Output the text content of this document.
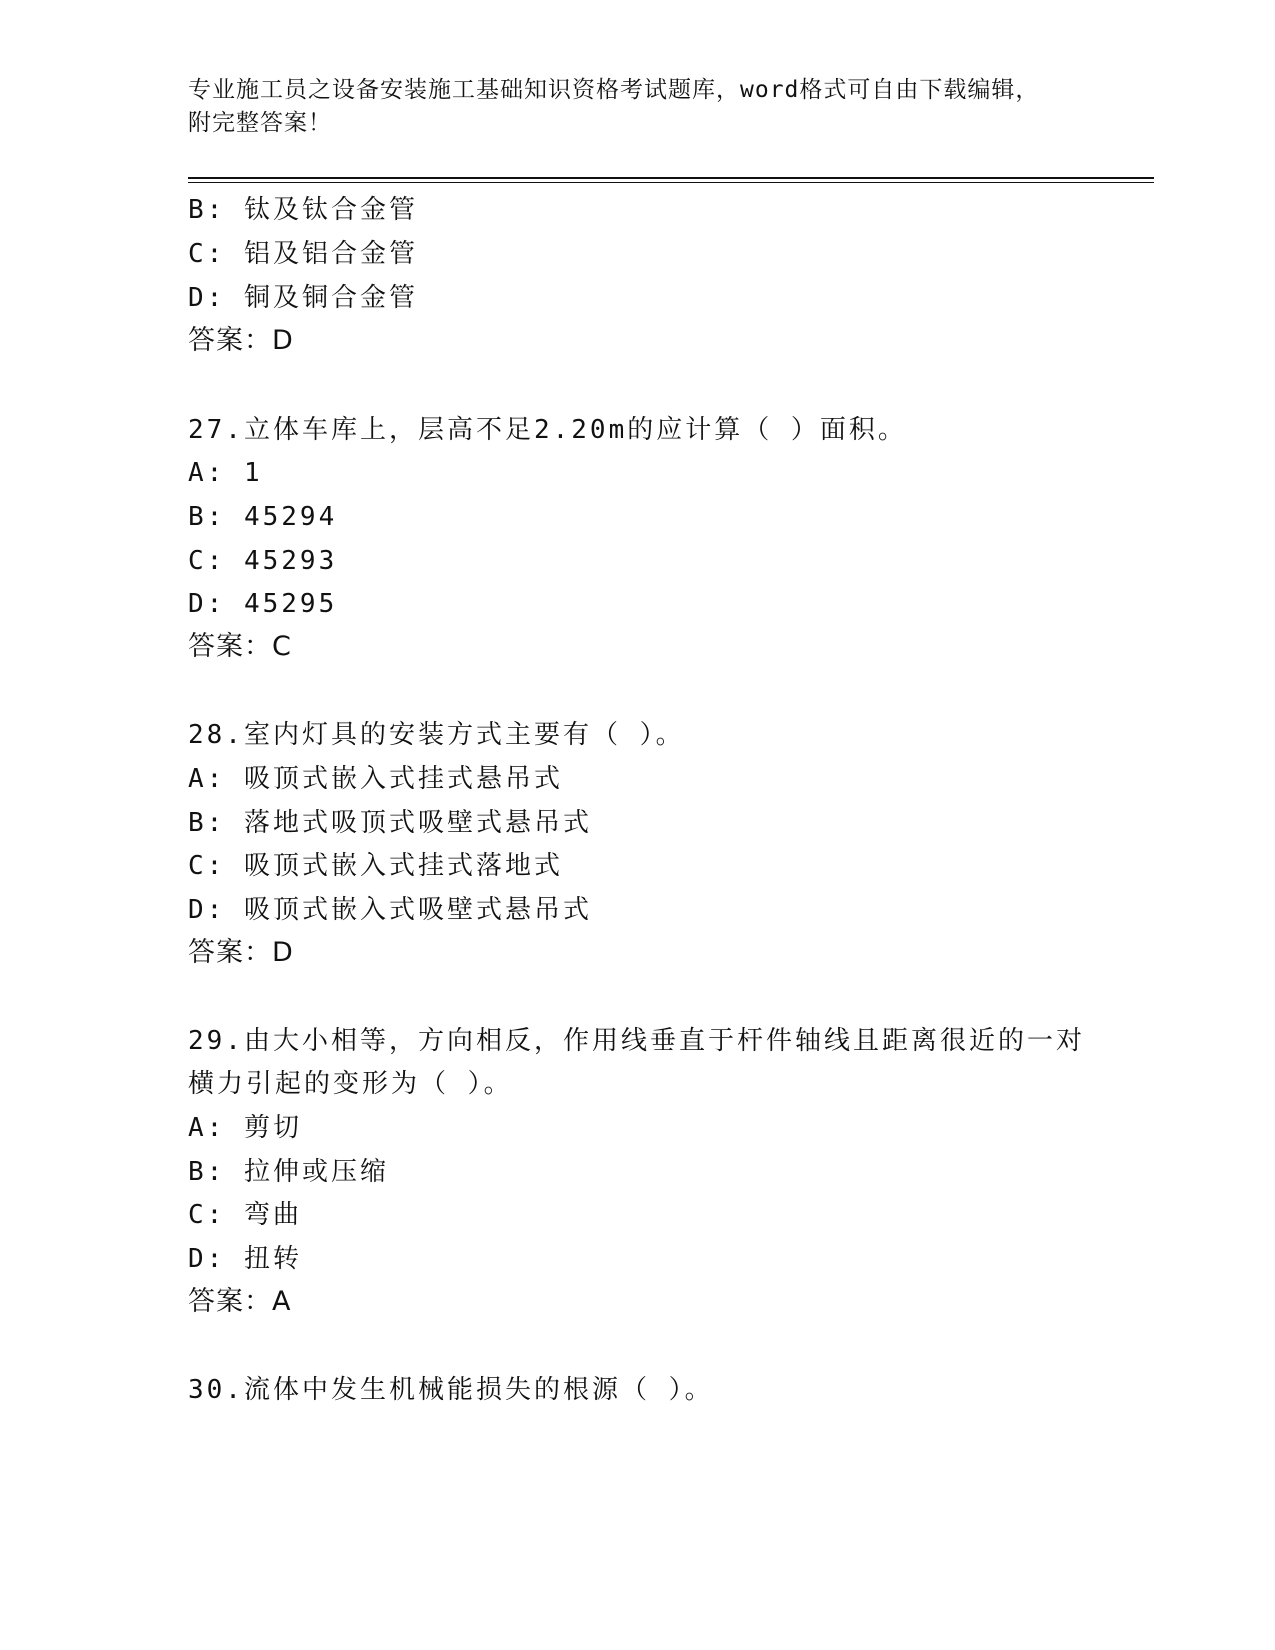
专业施工员之设备安装施工基础知识资格考试题库，word格式可自由下载编辑，
附完整答案！
B: 钛及钛合金管
C: 铝及铝合金管
D: 铜及铜合金管
答案：D
27.立体车库上，层高不足2.20m的应计算（ ）面积。
A: 1
B: 45294
C: 45293
D: 45295
答案：C
28.室内灯具的安装方式主要有（ ）。
A: 吸顶式嵌入式挂式悬吊式
B: 落地式吸顶式吸壁式悬吊式
C: 吸顶式嵌入式挂式落地式
D: 吸顶式嵌入式吸壁式悬吊式
答案：D
29.由大小相等，方向相反，作用线垂直于杆件轴线且距离很近的一对
横力引起的变形为（ ）。
A: 剪切
B: 拉伸或压缩
C: 弯曲
D: 扭转
答案：A
30.流体中发生机械能损失的根源（ ）。
